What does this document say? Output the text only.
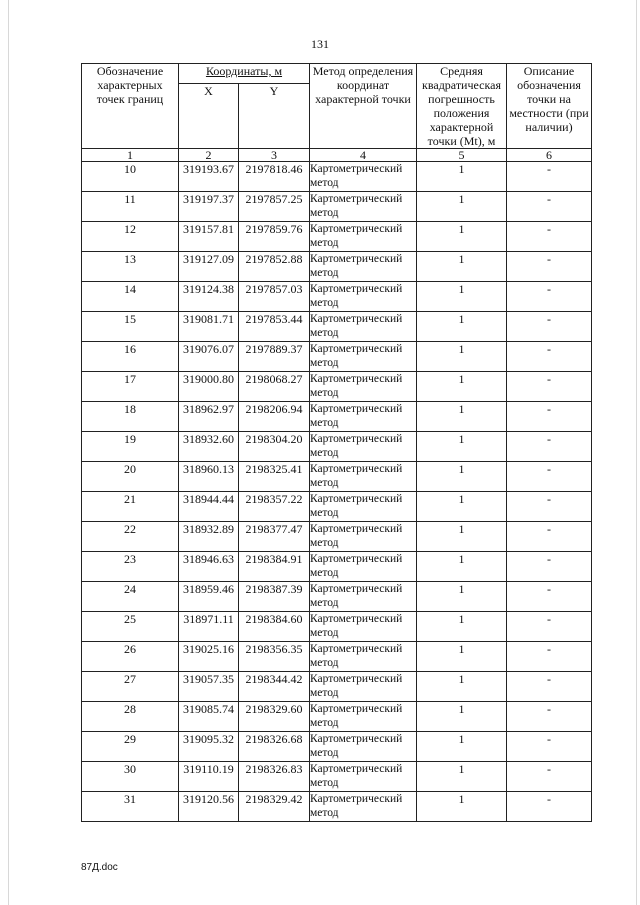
131
Обозначение характерных точек границ	Координаты, м		Метод определения координат характерной точки	Средняя квадратическая погрешность положения характерной точки (Mt), м	Описание обозначения точки на местности (при наличии)
	X	Y			
1	2	3	4	5	6
10	319193.67	2197818.46	Картометрический метод	1	-
11	319197.37	2197857.25	Картометрический метод	1	-
12	319157.81	2197859.76	Картометрический метод	1	-
13	319127.09	2197852.88	Картометрический метод	1	-
14	319124.38	2197857.03	Картометрический метод	1	-
15	319081.71	2197853.44	Картометрический метод	1	-
16	319076.07	2197889.37	Картометрический метод	1	-
17	319000.80	2198068.27	Картометрический метод	1	-
18	318962.97	2198206.94	Картометрический метод	1	-
19	318932.60	2198304.20	Картометрический метод	1	-
20	318960.13	2198325.41	Картометрический метод	1	-
21	318944.44	2198357.22	Картометрический метод	1	-
22	318932.89	2198377.47	Картометрический метод	1	-
23	318946.63	2198384.91	Картометрический метод	1	-
24	318959.46	2198387.39	Картометрический метод	1	-
25	318971.11	2198384.60	Картометрический метод	1	-
26	319025.16	2198356.35	Картометрический метод	1	-
27	319057.35	2198344.42	Картометрический метод	1	-
28	319085.74	2198329.60	Картометрический метод	1	-
29	319095.32	2198326.68	Картометрический метод	1	-
30	319110.19	2198326.83	Картометрический метод	1	-
31	319120.56	2198329.42	Картометрический метод	1	-
87Д.doc
